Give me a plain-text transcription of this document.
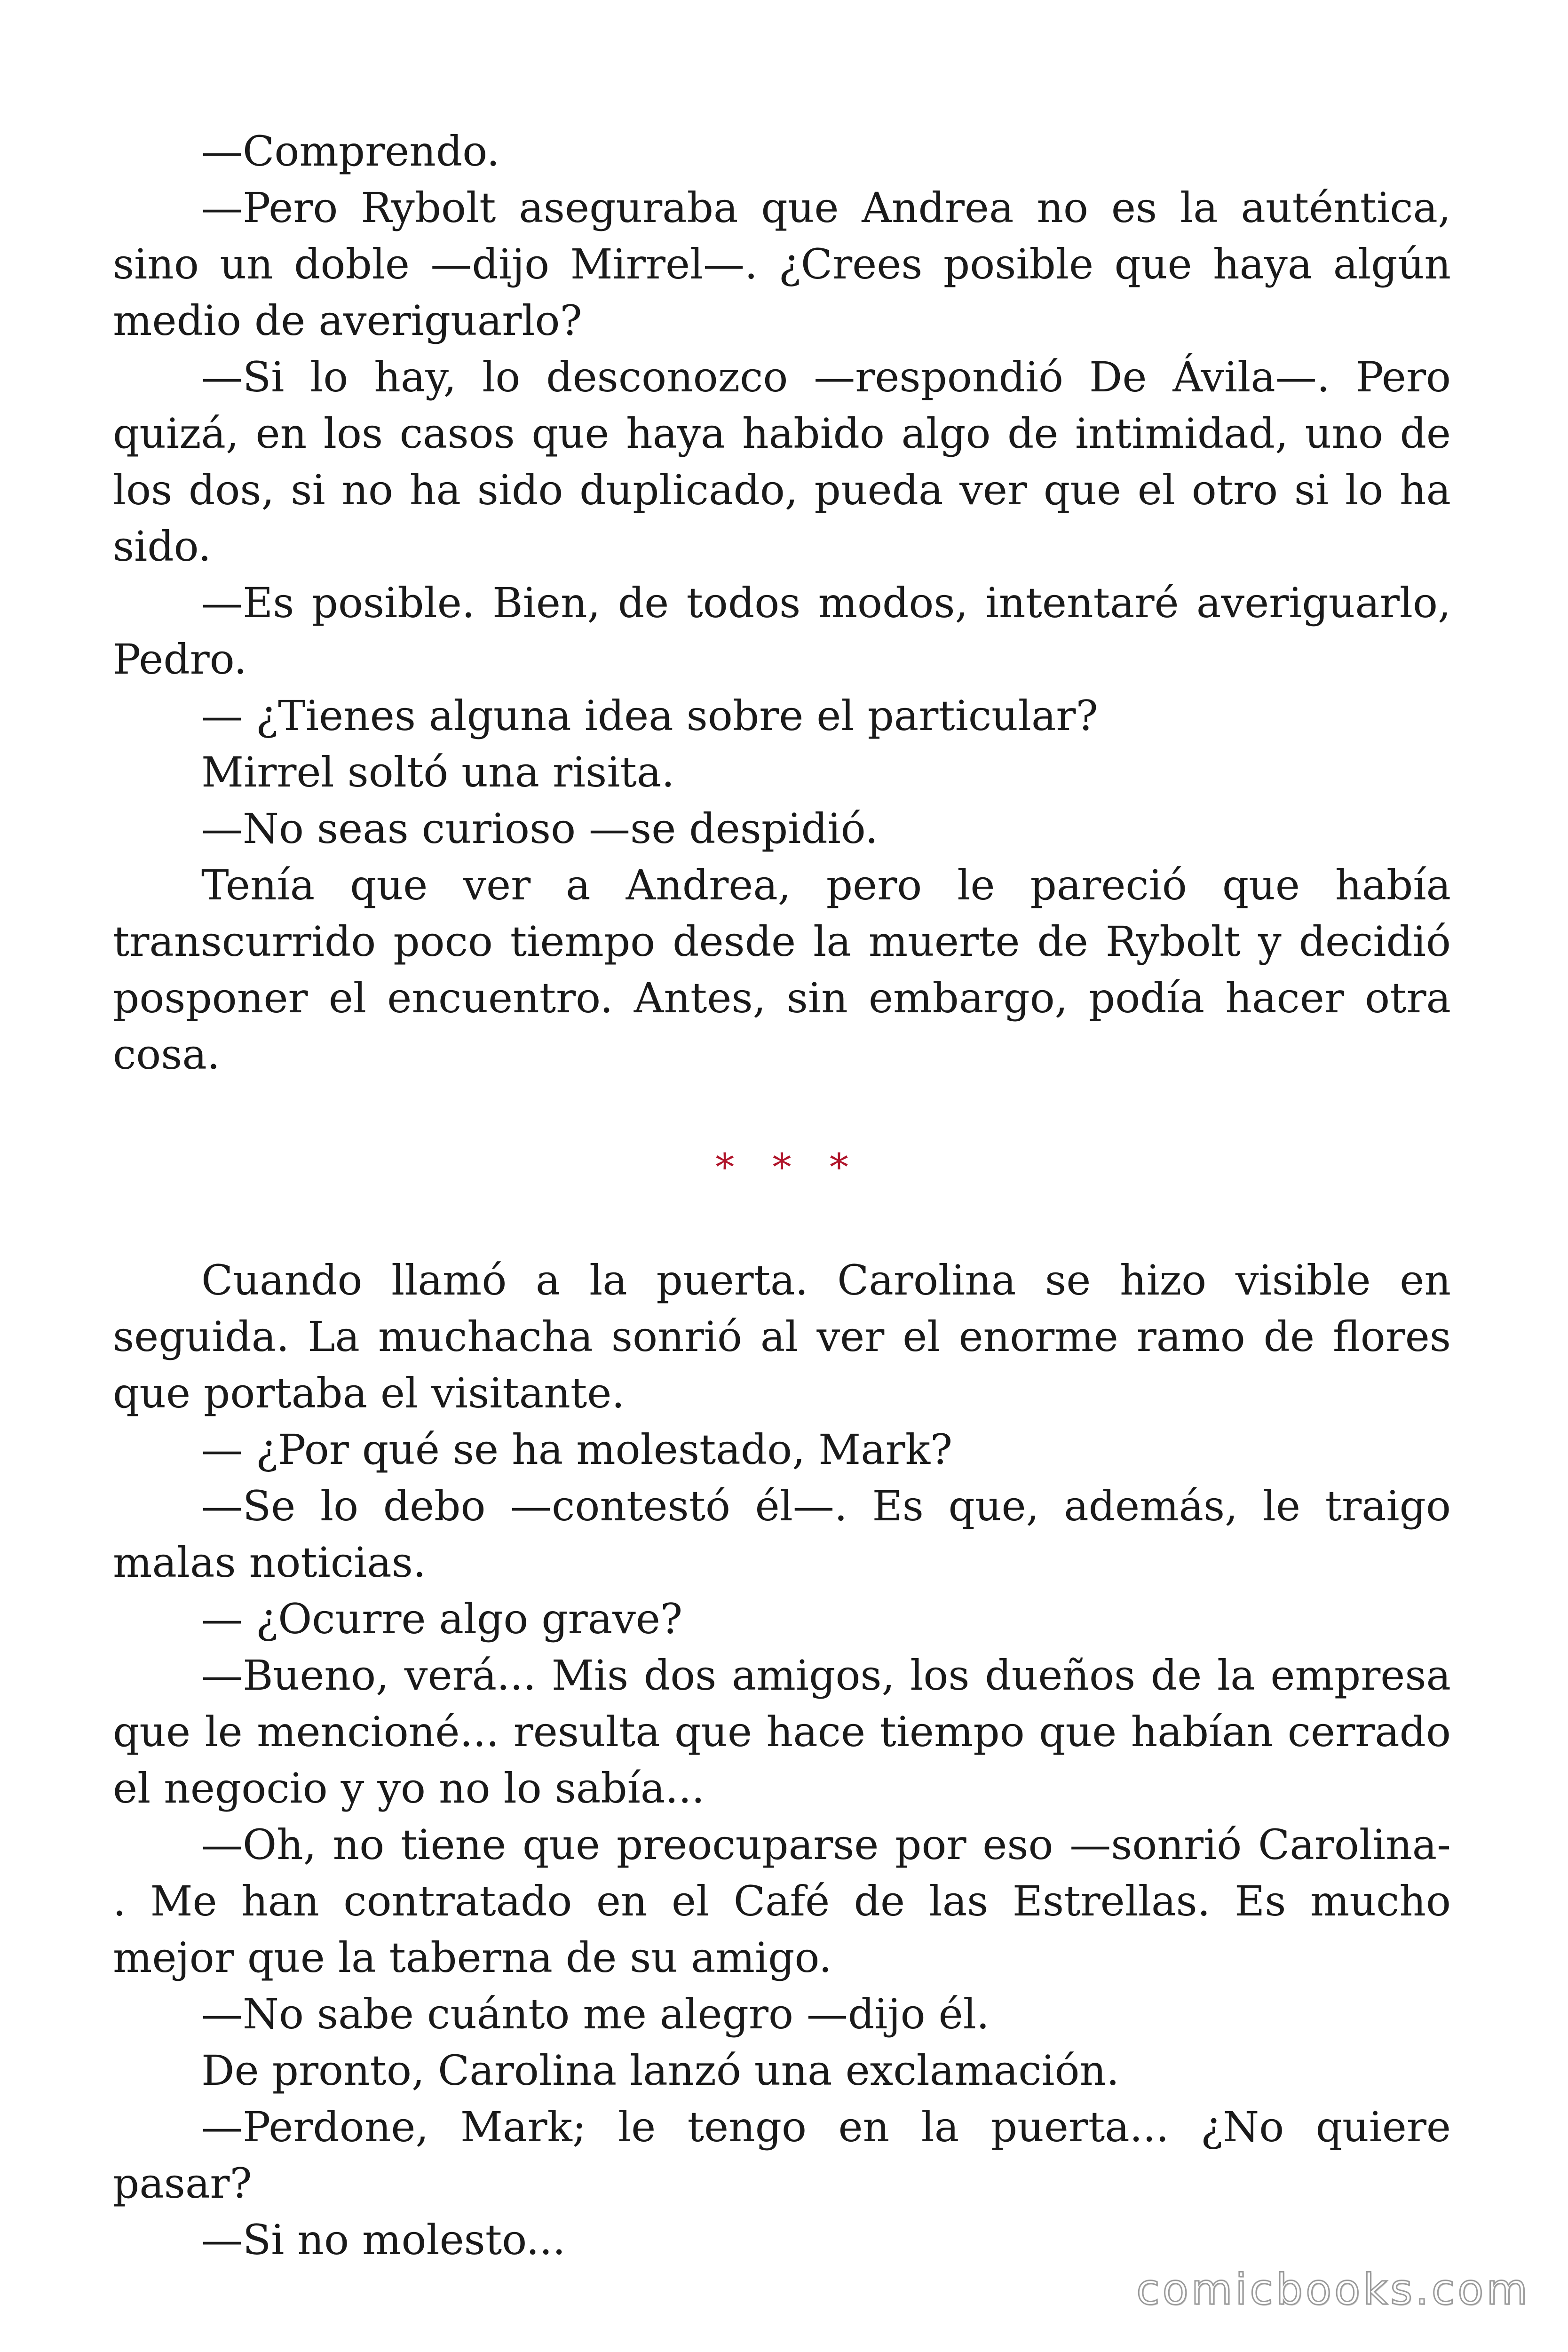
—Comprendo.

—Pero Rybolt aseguraba que Andrea no es la auténtica, sino un doble —dijo Mirrel—. ¿Crees posible que haya algún medio de averiguarlo?

—Si lo hay, lo desconozco —respondió De Ávila—. Pero quizá, en los casos que haya habido algo de intimidad, uno de los dos, si no ha sido duplicado, pueda ver que el otro si lo ha sido.

—Es posible. Bien, de todos modos, intentaré averiguarlo, Pedro.

— ¿Tienes alguna idea sobre el particular?

Mirrel soltó una risita.

—No seas curioso —se despidió.

Tenía que ver a Andrea, pero le pareció que había transcurrido poco tiempo desde la muerte de Rybolt y decidió posponer el encuentro. Antes, sin embargo, podía hacer otra cosa.

* * *

Cuando llamó a la puerta. Carolina se hizo visible en seguida. La muchacha sonrió al ver el enorme ramo de flores que portaba el visitante.

— ¿Por qué se ha molestado, Mark?

—Se lo debo —contestó él—. Es que, además, le traigo malas noticias.

— ¿Ocurre algo grave?

—Bueno, verá... Mis dos amigos, los dueños de la empresa que le mencioné... resulta que hace tiempo que habían cerrado el negocio y yo no lo sabía...

—Oh, no tiene que preocuparse por eso —sonrió Carolina- . Me han contratado en el Café de las Estrellas. Es mucho mejor que la taberna de su amigo.

—No sabe cuánto me alegro —dijo él.

De pronto, Carolina lanzó una exclamación.

—Perdone, Mark; le tengo en la puerta... ¿No quiere pasar?

—Si no molesto...

comicbooks.com
